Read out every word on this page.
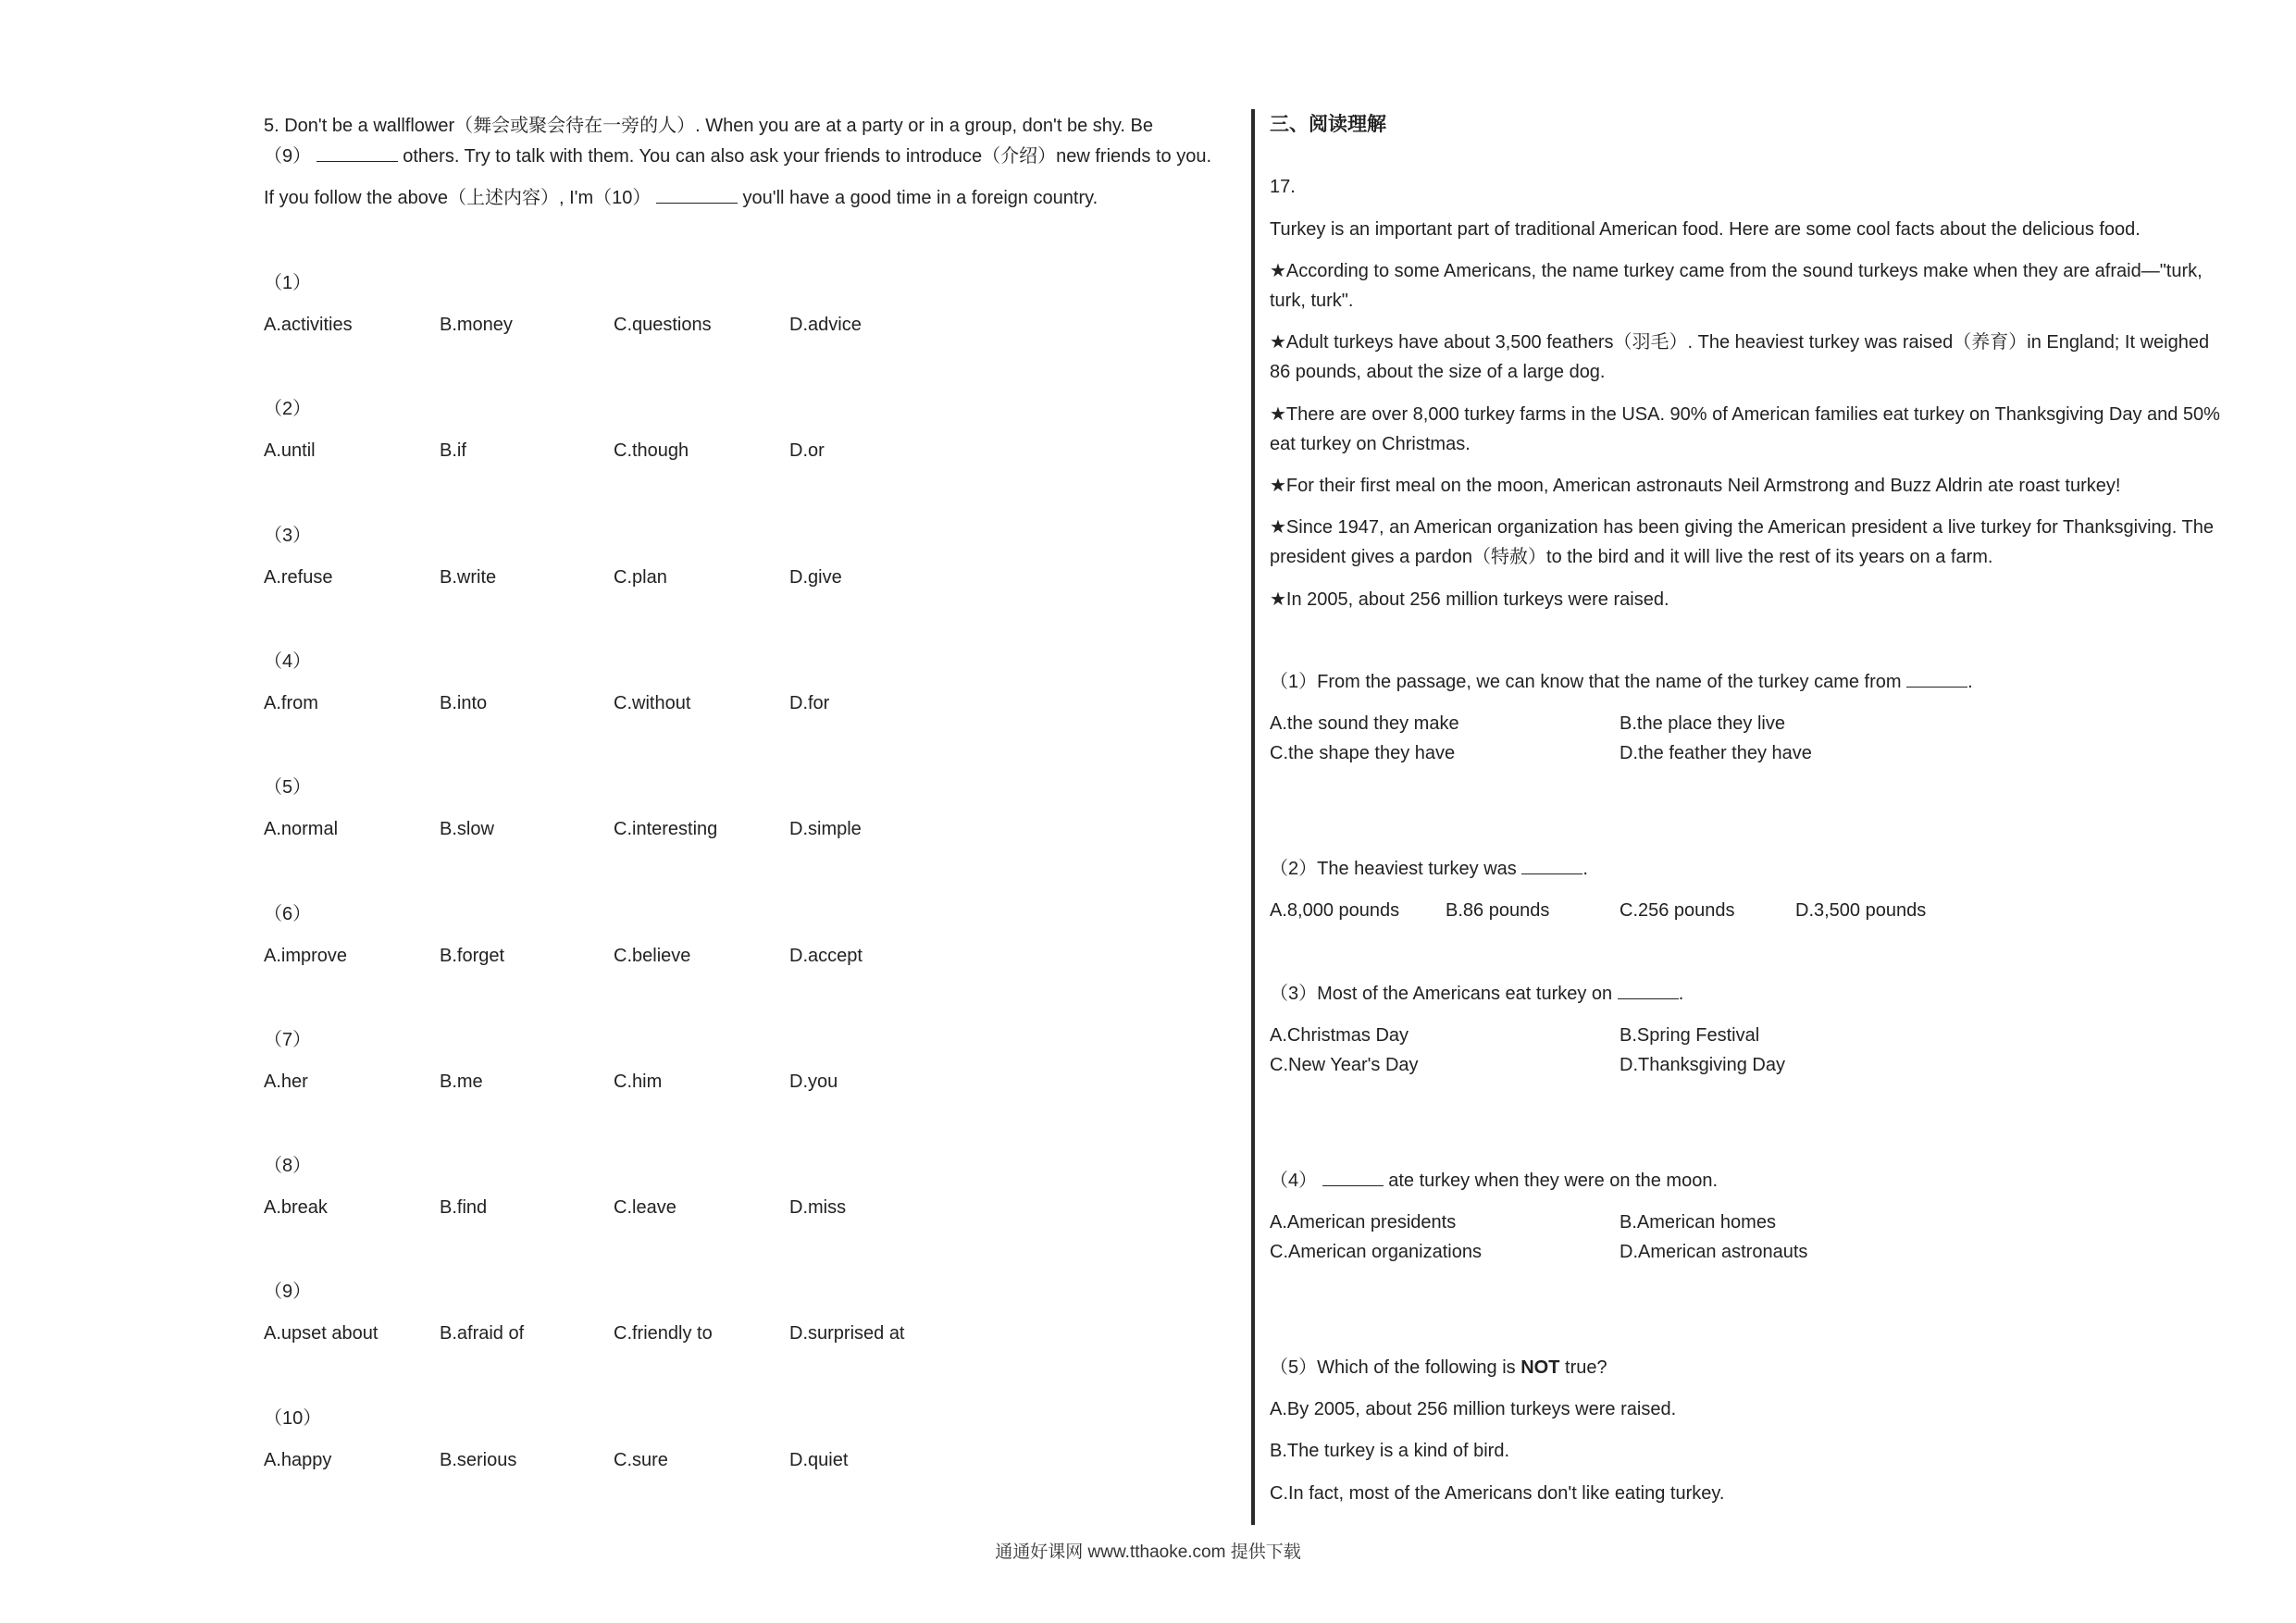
5. Don't be a wallflower（舞会或聚会待在一旁的人）. When you are at a party or in a group, don't be shy. Be
（9）	others. Try to talk with them. You can also ask your friends to introduce（介绍）new friends to you.
If you follow the above（上述内容）, I'm（10）	you'll have a good time in a foreign country.
（1）
A.activities	B.money	C.questions	D.advice
（2）
A.until	B.if	C.though	D.or
（3）
A.refuse	B.write	C.plan	D.give
（4）
A.from	B.into	C.without	D.for
（5）
A.normal	B.slow	C.interesting	D.simple
（6）
A.improve	B.forget	C.believe	D.accept
（7）
A.her	B.me	C.him	D.you
（8）
A.break	B.find	C.leave	D.miss
（9）
A.upset about	B.afraid of	C.friendly to	D.surprised at
（10）
A.happy	B.serious	C.sure	D.quiet
三、阅读理解
17.
Turkey is an important part of traditional American food. Here are some cool facts about the delicious food.
★According to some Americans, the name turkey came from the sound turkeys make when they are afraid—"turk, turk, turk".
★Adult turkeys have about 3,500 feathers（羽毛）. The heaviest turkey was raised（养育）in England; It weighed 86 pounds, about the size of a large dog.
★There are over 8,000 turkey farms in the USA. 90% of American families eat turkey on Thanksgiving Day and 50% eat turkey on Christmas.
★For their first meal on the moon, American astronauts Neil Armstrong and Buzz Aldrin ate roast turkey!
★Since 1947, an American organization has been giving the American president a live turkey for Thanksgiving. The president gives a pardon（特赦）to the bird and it will live the rest of its years on a farm.
★In 2005, about 256 million turkeys were raised.
（1）From the passage, we can know that the name of the turkey came from	.
A.the sound they make	B.the place they live
C.the shape they have	D.the feather they have
（2）The heaviest turkey was	.
A.8,000 pounds B.86 pounds	C.256 pounds	D.3,500 pounds
（3）Most of the Americans eat turkey on	.
A.Christmas Day	B.Spring Festival
C.New Year's Day	D.Thanksgiving Day
（4）	ate turkey when they were on the moon.
A.American presidents	B.American homes
C.American organizations	D.American astronauts
（5）Which of the following is NOT true?
A.By 2005, about 256 million turkeys were raised.
B.The turkey is a kind of bird.
C.In fact, most of the Americans don't like eating turkey.
通通好课网 www.tthaoke.com 提供下载
